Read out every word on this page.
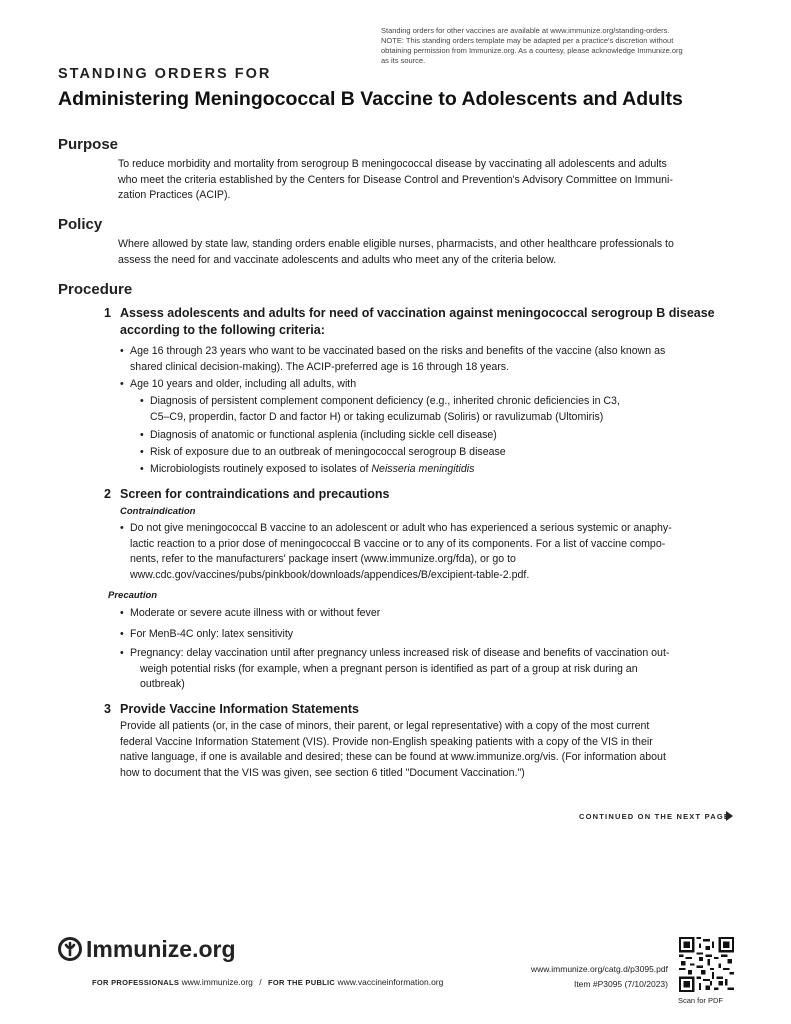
Standing orders for other vaccines are available at www.immunize.org/standing-orders.
NOTE: This standing orders template may be adapted per a practice's discretion without
obtaining permission from Immunize.org. As a courtesy, please acknowledge Immunize.org
as its source.
STANDING ORDERS FOR
Administering Meningococcal B Vaccine to Adolescents and Adults
Purpose
To reduce morbidity and mortality from serogroup B meningococcal disease by vaccinating all adolescents and adults
who meet the criteria established by the Centers for Disease Control and Prevention's Advisory Committee on Immuni-
zation Practices (ACIP).
Policy
Where allowed by state law, standing orders enable eligible nurses, pharmacists, and other healthcare professionals to
assess the need for and vaccinate adolescents and adults who meet any of the criteria below.
Procedure
1 Assess adolescents and adults for need of vaccination against meningococcal serogroup B disease
according to the following criteria:
• Age 16 through 23 years who want to be vaccinated based on the risks and benefits of the vaccine (also known as
shared clinical decision-making). The ACIP-preferred age is 16 through 18 years.
• Age 10 years and older, including all adults, with
• Diagnosis of persistent complement component deficiency (e.g., inherited chronic deficiencies in C3,
C5–C9, properdin, factor D and factor H) or taking eculizumab (Soliris) or ravulizumab (Ultomiris)
• Diagnosis of anatomic or functional asplenia (including sickle cell disease)
• Risk of exposure due to an outbreak of meningococcal serogroup B disease
• Microbiologists routinely exposed to isolates of Neisseria meningitidis
2 Screen for contraindications and precautions
Contraindication
• Do not give meningococcal B vaccine to an adolescent or adult who has experienced a serious systemic or anaphy-
lactic reaction to a prior dose of meningococcal B vaccine or to any of its components. For a list of vaccine compo-
nents, refer to the manufacturers' package insert (www.immunize.org/fda), or go to
www.cdc.gov/vaccines/pubs/pinkbook/downloads/appendices/B/excipient-table-2.pdf.
Precaution
• Moderate or severe acute illness with or without fever
• For MenB-4C only: latex sensitivity
• Pregnancy: delay vaccination until after pregnancy unless increased risk of disease and benefits of vaccination out-
weigh potential risks (for example, when a pregnant person is identified as part of a group at risk during an
outbreak)
3 Provide Vaccine Information Statements
Provide all patients (or, in the case of minors, their parent, or legal representative) with a copy of the most current
federal Vaccine Information Statement (VIS). Provide non-English speaking patients with a copy of the VIS in their
native language, if one is available and desired; these can be found at www.immunize.org/vis. (For information about
how to document that the VIS was given, see section 6 titled "Document Vaccination.")
CONTINUED ON THE NEXT PAGE
Immunize.org
FOR PROFESSIONALS www.immunize.org / FOR THE PUBLIC www.vaccineinformation.org
www.immunize.org/catg.d/p3095.pdf
Item #P3095 (7/10/2023)
Scan for PDF
